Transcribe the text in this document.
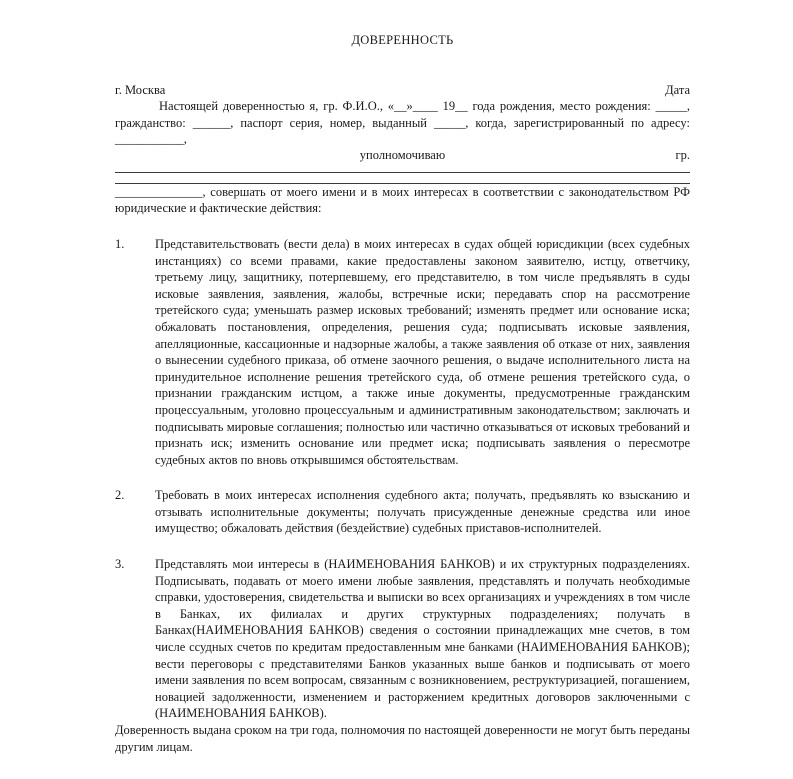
ДОВЕРЕННОСТЬ
г. Москва	Дата

Настоящей доверенностью я, гр. Ф.И.О., «__»____ 19__ года рождения, место рождения: _____, гражданство: ______, паспорт серия, номер, выданный _____, когда, зарегистрированный по адресу: ___________,

уполномочиваю	гр.

______________, совершать от моего имени и в моих интересах в соответствии с законодательством РФ юридические и фактические действия:

1.	Представительствовать (вести дела) в моих интересах в судах общей юрисдикции (всех судебных инстанциях) со всеми правами, какие предоставлены законом заявителю, истцу, ответчику, третьему лицу, защитнику, потерпевшему, его представителю, в том числе предъявлять в суды исковые заявления, заявления, жалобы, встречные иски; передавать спор на рассмотрение третейского суда; уменьшать размер исковых требований; изменять предмет или основание иска; обжаловать постановления, определения, решения суда; подписывать исковые заявления, апелляционные, кассационные и надзорные жалобы, а также заявления об отказе от них, заявления о вынесении судебного приказа, об отмене заочного решения, о выдаче исполнительного листа на принудительное исполнение решения третейского суда, об отмене решения третейского суда, о признании гражданским истцом, а также иные документы, предусмотренные гражданским процессуальным, уголовно процессуальным и административным законодательством; заключать и подписывать мировые соглашения; полностью или частично отказываться от исковых требований и признать иск; изменить основание или предмет иска; подписывать заявления о пересмотре судебных актов по вновь открывшимся обстоятельствам.
2.	Требовать в моих интересах исполнения судебного акта; получать, предъявлять ко взысканию и отзывать исполнительные документы; получать присужденные денежные средства или иное имущество; обжаловать действия (бездействие) судебных приставов-исполнителей.
3.	Представлять мои интересы в (НАИМЕНОВАНИЯ БАНКОВ) и их структурных подразделениях. Подписывать, подавать от моего имени любые заявления, представлять и получать необходимые справки, удостоверения, свидетельства и выписки во всех организациях и учреждениях в том числе в Банках, их филиалах и других структурных подразделениях; получать в Банках(НАИМЕНОВАНИЯ БАНКОВ) сведения о состоянии принадлежащих мне счетов, в том числе ссудных счетов по кредитам предоставленным мне банками (НАИМЕНОВАНИЯ БАНКОВ); вести переговоры с представителями Банков указанных выше банков и подписывать от моего имени заявления по всем вопросам, связанным с возникновением, реструктуризацией, погашением, новацией задолженности, изменением и расторжением кредитных договоров заключенными с (НАИМЕНОВАНИЯ БАНКОВ).

Доверенность выдана сроком на три года, полномочия по настоящей доверенности не могут быть переданы другим лицам.
